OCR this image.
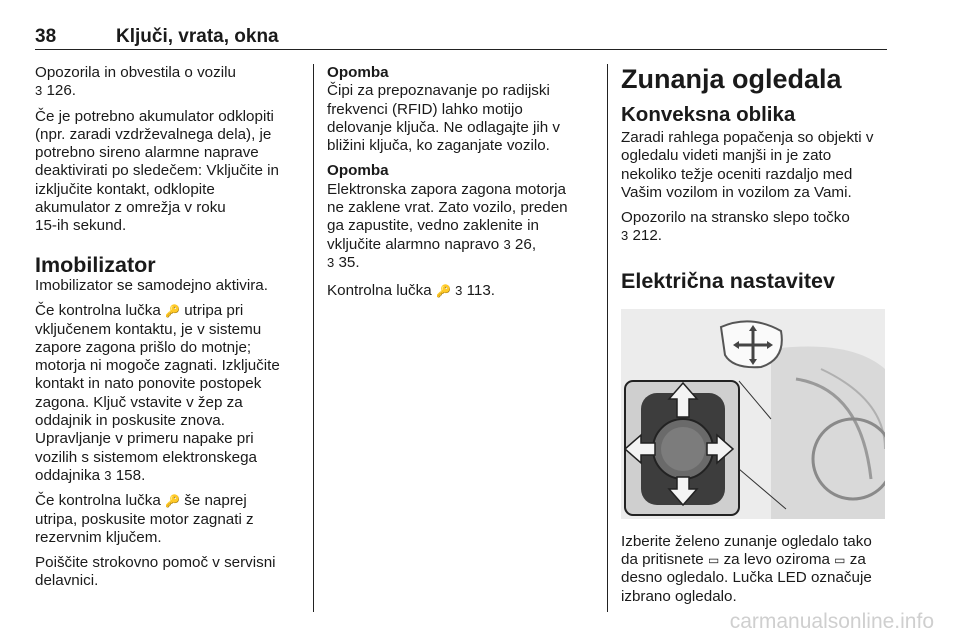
38	Ključi, vrata, okna

Opozorila in obvestila o vozilu
3 126.

Če je potrebno akumulator odklopiti
(npr. zaradi vzdrževalnega dela), je
potrebno sireno alarmne naprave
deaktivirati po sledečem: Vključite in
izključite kontakt, odklopite
akumulator z omrežja v roku
15-ih sekund.

Imobilizator

Imobilizator se samodejno aktivira.

Če kontrolna lučka 🔑 utripa pri
vključenem kontaktu, je v sistemu
zapore zagona prišlo do motnje;
motorja ni mogoče zagnati. Izključite
kontakt in nato ponovite postopek
zagona. Ključ vstavite v žep za
oddajnik in poskusite znova.
Upravljanje v primeru napake pri
vozilih s sistemom elektronskega
oddajnika 3 158.

Če kontrolna lučka 🔑 še naprej
utripa, poskusite motor zagnati z
rezervnim ključem.

Poiščite strokovno pomoč v servisni
delavnici.

Opomba
Čipi za prepoznavanje po radijski
frekvenci (RFID) lahko motijo
delovanje ključa. Ne odlagajte jih v
bližini ključa, ko zaganjate vozilo.

Opomba
Elektronska zapora zagona motorja
ne zaklene vrat. Zato vozilo, preden
ga zapustite, vedno zaklenite in
vključite alarmno napravo 3 26,
3 35.

Kontrolna lučka 🔑 3 113.

Zunanja ogledala
Konveksna oblika

Zaradi rahlega popačenja so objekti v
ogledalu videti manjši in je zato
nekoliko težje oceniti razdaljo med
Vašim vozilom in vozilom za Vami.

Opozorilo na stransko slepo točko
3 212.

Električna nastavitev

Izberite želeno zunanje ogledalo tako
da pritisnete ▭ za levo oziroma ▭ za
desno ogledalo. Lučka LED označuje
izbrano ogledalo.

carmanualsonline.info
